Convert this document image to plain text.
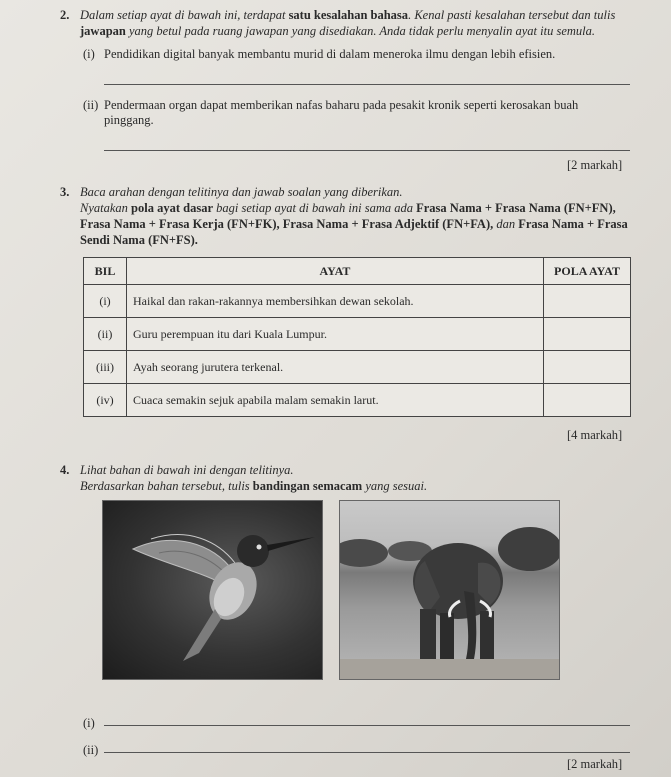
2. Dalam setiap ayat di bawah ini, terdapat satu kesalahan bahasa. Kenal pasti kesalahan tersebut dan tulis
jawapan yang betul pada ruang jawapan yang disediakan. Anda tidak perlu menyalin ayat itu semula.
(i) Pendidikan digital banyak membantu murid di dalam meneroka ilmu dengan lebih efisien.
(ii) Pendermaan organ dapat memberikan nafas baharu pada pesakit kronik seperti kerosakan buah
pinggang.
[2 markah]
3. Baca arahan dengan telitinya dan jawab soalan yang diberikan.
Nyatakan pola ayat dasar bagi setiap ayat di bawah ini sama ada Frasa Nama + Frasa Nama (FN+FN),
Frasa Nama + Frasa Kerja (FN+FK), Frasa Nama + Frasa Adjektif (FN+FA), dan Frasa Nama + Frasa
Sendi Nama (FN+FS).
BIL	AYAT	POLA AYAT
(i)	Haikal dan rakan-rakannya membersihkan dewan sekolah.	
(ii)	Guru perempuan itu dari Kuala Lumpur.	
(iii)	Ayah seorang jurutera terkenal.	
(iv)	Cuaca semakin sejuk apabila malam semakin larut.	
[4 markah]
4. Lihat bahan di bawah ini dengan telitinya.
Berdasarkan bahan tersebut, tulis bandingan semacam yang sesuai.
(i)
(ii)
[2 markah]
